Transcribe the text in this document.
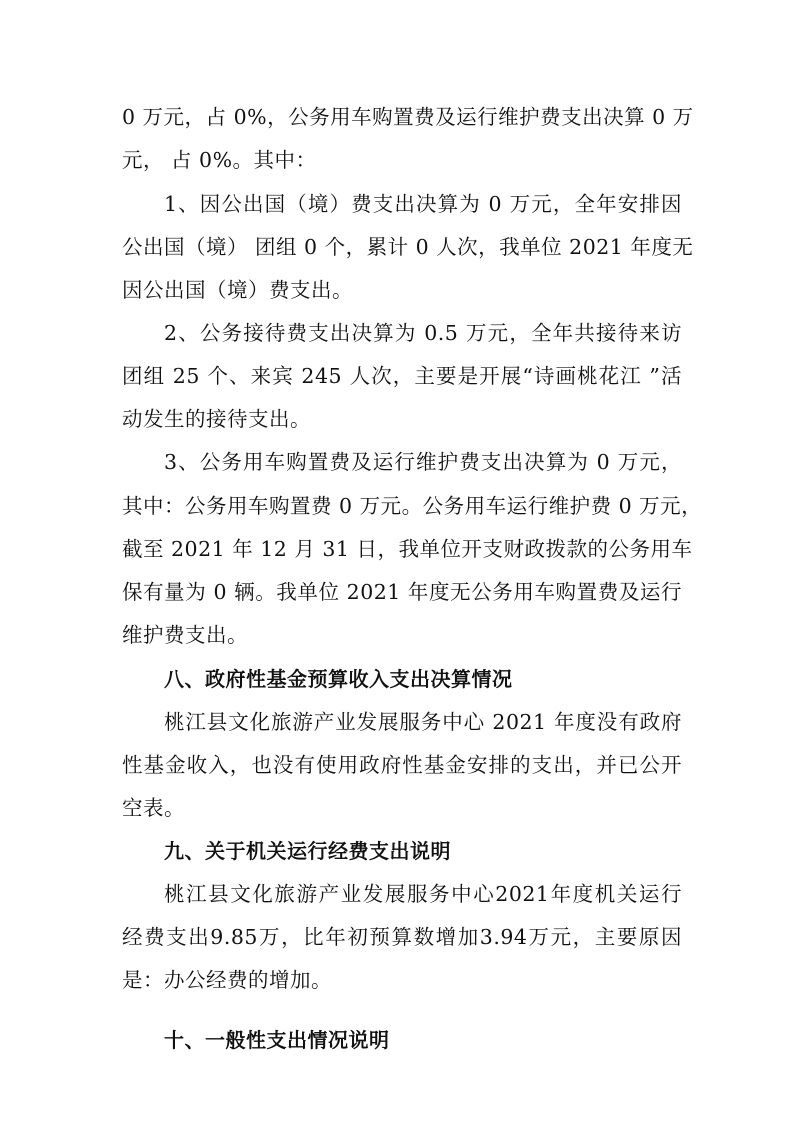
0 万元，占 0%，公务用车购置费及运行维护费支出决算 0 万
元， 占 0%。其中：
1、因公出国（境）费支出决算为 0 万元，全年安排因
公出国（境） 团组 0 个，累计 0 人次，我单位 2021 年度无
因公出国（境）费支出。
2、公务接待费支出决算为 0.5 万元，全年共接待来访
团组 25 个、来宾 245 人次，主要是开展“诗画桃花江 ”活
动发生的接待支出。
3、公务用车购置费及运行维护费支出决算为 0 万元，
其中：公务用车购置费 0 万元。公务用车运行维护费 0 万元，
截至 2021 年 12 月 31 日，我单位开支财政拨款的公务用车
保有量为 0 辆。我单位 2021 年度无公务用车购置费及运行
维护费支出。
八、政府性基金预算收入支出决算情况
桃江县文化旅游产业发展服务中心 2021 年度没有政府
性基金收入，也没有使用政府性基金安排的支出，并已公开
空表。
九、关于机关运行经费支出说明
桃江县文化旅游产业发展服务中心2021年度机关运行
经费支出9.85万，比年初预算数增加3.94万元，主要原因
是：办公经费的增加。
十、一般性支出情况说明
